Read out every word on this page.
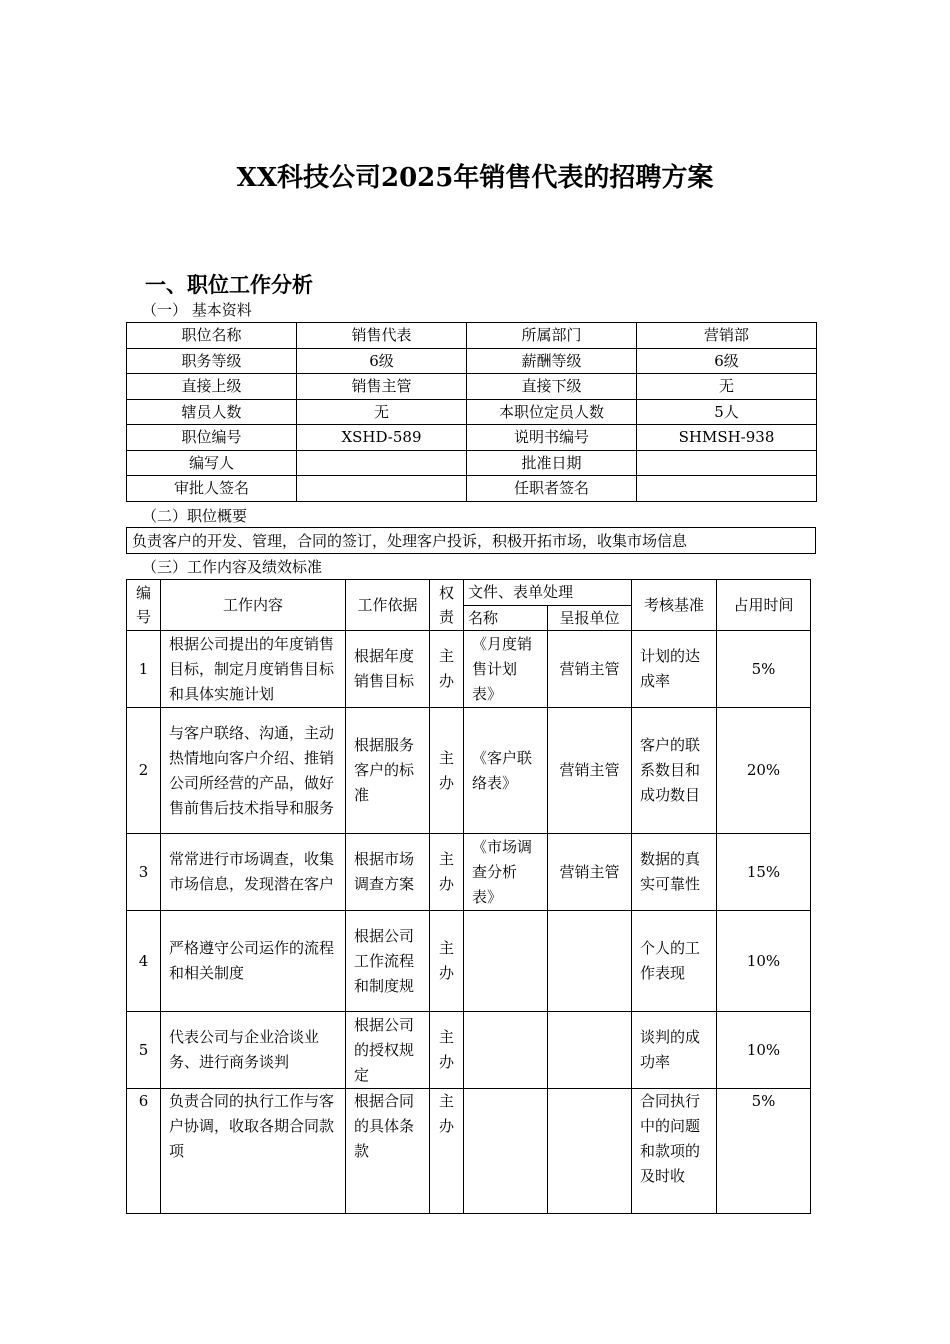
XX科技公司2025年销售代表的招聘方案
一、职位工作分析

（一） 基本资料

职位名称	销售代表	所属部门	营销部
职务等级	6级	薪酬等级	6级
直接上级	销售主管	直接下级	无
辖员人数	无	本职位定员人数	5人
职位编号	XSHD-589	说明书编号	SHMSH-938
编写人		批准日期	
审批人签名		任职者签名	

（二）职位概要

负责客户的开发、管理，合同的签订，处理客户投诉，积极开拓市场，收集市场信息

（三）工作内容及绩效标准

编号	工作内容	工作依据	权责	文件、表单处理		考核基准	占用时间
				名称	呈报单位		
1	根据公司提出的年度销售目标，制定月度销售目标和具体实施计划	根据年度销售目标	主办	《月度销售计划表》	营销主管	计划的达成率	5%
2	与客户联络、沟通，主动热情地向客户介绍、推销公司所经营的产品，做好售前售后技术指导和服务	根据服务客户的标准	主办	《客户联络表》	营销主管	客户的联系数目和成功数目	20%
3	常常进行市场调查，收集市场信息，发现潜在客户	根据市场调查方案	主办	《市场调查分析表》	营销主管	数据的真实可靠性	15%
4	严格遵守公司运作的流程和相关制度	根据公司工作流程和制度规	主办			个人的工作表现	10%
5	代表公司与企业洽谈业务、进行商务谈判	根据公司的授权规定	主办			谈判的成功率	10%
6	负责合同的执行工作与客户协调，收取各期合同款项	根据合同的具体条款	主办			合同执行中的问题和款项的及时收	5%
